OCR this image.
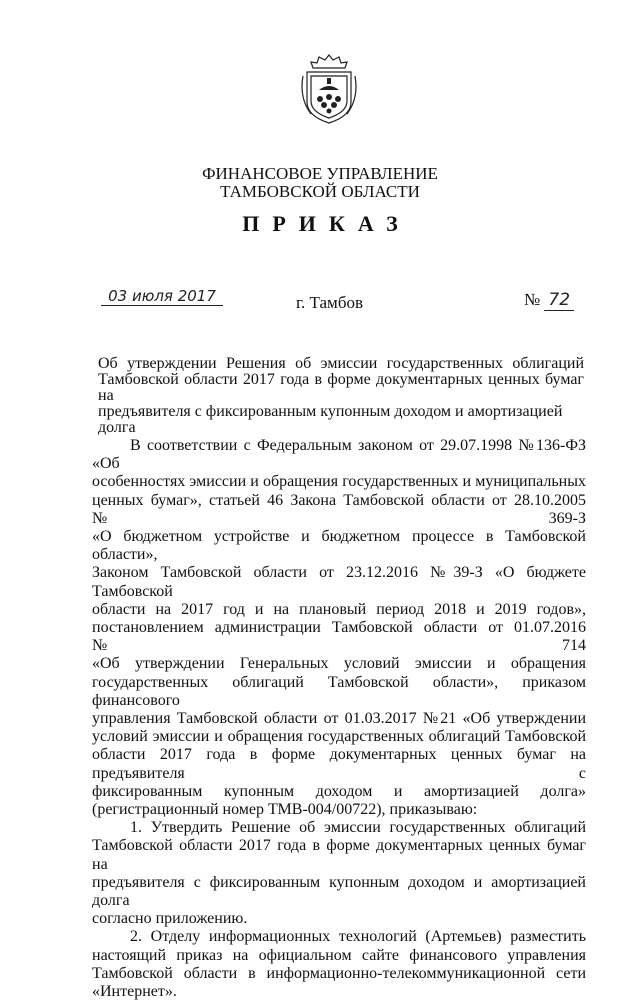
ФИНАНСОВОЕ УПРАВЛЕНИЕ
ТАМБОВСКОЙ ОБЛАСТИ
ПРИКАЗ
03 июля 2017	г. Тамбов	№ 72

Об утверждении Решения об эмиссии государственных облигаций

Тамбовской области 2017 года в форме документарных ценных бумаг на

предъявителя с фиксированным купонным доходом и амортизацией долга

В соответствии с Федеральным законом от 29.07.1998 №136-ФЗ «Об

особенностях эмиссии и обращения государственных и муниципальных

ценных бумаг», статьей 46 Закона Тамбовской области от 28.10.2005 №369-З

«О бюджетном устройстве и бюджетном процессе в Тамбовской области»,

Законом Тамбовской области от 23.12.2016 №39-З «О бюджете Тамбовской

области на 2017 год и на плановый период 2018 и 2019 годов»,

постановлением администрации Тамбовской области от 01.07.2016 №714

«Об утверждении Генеральных условий эмиссии и обращения

государственных облигаций Тамбовской области», приказом финансового

управления Тамбовской области от 01.03.2017 №21 «Об утверждении

условий эмиссии и обращения государственных облигаций Тамбовской

области 2017 года в форме документарных ценных бумаг на предъявителя с

фиксированным купонным доходом и амортизацией долга»

(регистрационный номер ТМВ-004/00722), приказываю:

1. Утвердить Решение об эмиссии государственных облигаций

Тамбовской области 2017 года в форме документарных ценных бумаг на

предъявителя с фиксированным купонным доходом и амортизацией долга

согласно приложению.

2. Отделу информационных технологий (Артемьев) разместить

настоящий приказ на официальном сайте финансового управления

Тамбовской области в информационно-телекоммуникационной сети

«Интернет».
